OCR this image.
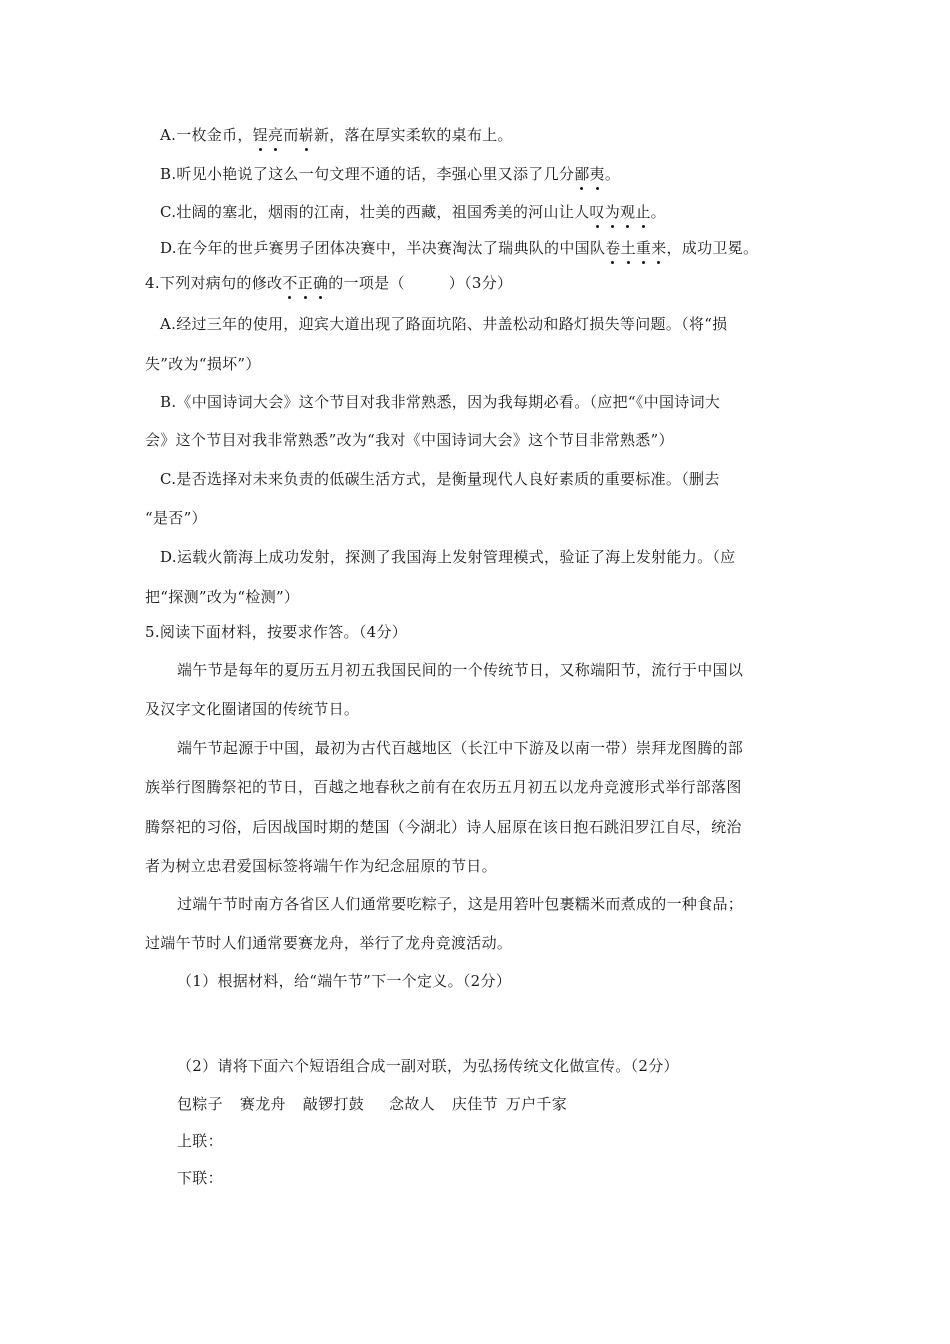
A.一枚金币，锃亮而崭新，落在厚实柔软的桌布上。
B.听见小艳说了这么一句文理不通的话，李强心里又添了几分鄙夷。
C.壮阔的塞北，烟雨的江南，壮美的西藏，祖国秀美的河山让人叹为观止。
D.在今年的世乒赛男子团体决赛中，半决赛淘汰了瑞典队的中国队卷土重来，成功卫冕。
4.下列对病句的修改不正确的一项是（	）（3分）
A.经过三年的使用，迎宾大道出现了路面坑陷、井盖松动和路灯损失等问题。（将“损
失”改为“损坏”）
B.《中国诗词大会》这个节目对我非常熟悉，因为我每期必看。（应把“《中国诗词大
会》这个节目对我非常熟悉”改为“我对《中国诗词大会》这个节目非常熟悉”）
C.是否选择对未来负责的低碳生活方式，是衡量现代人良好素质的重要标准。（删去
“是否”）
D.运载火箭海上成功发射，探测了我国海上发射管理模式，验证了海上发射能力。（应
把“探测”改为“检测”）
5.阅读下面材料，按要求作答。（4分）
端午节是每年的夏历五月初五我国民间的一个传统节日，又称端阳节，流行于中国以
及汉字文化圈诸国的传统节日。
端午节起源于中国，最初为古代百越地区（长江中下游及以南一带）崇拜龙图腾的部
族举行图腾祭祀的节日，百越之地春秋之前有在农历五月初五以龙舟竞渡形式举行部落图
腾祭祀的习俗，后因战国时期的楚国（今湖北）诗人屈原在该日抱石跳汨罗江自尽，统治
者为树立忠君爱国标签将端午作为纪念屈原的节日。
过端午节时南方各省区人们通常要吃粽子，这是用箬叶包裹糯米而煮成的一种食品；
过端午节时人们通常要赛龙舟，举行了龙舟竞渡活动。
（1）根据材料，给“端午节”下一个定义。（2分）
（2）请将下面六个短语组合成一副对联，为弘扬传统文化做宣传。（2分）
包粽子 赛龙舟 敲锣打鼓 念故人 庆佳节 万户千家
上联：
下联：
